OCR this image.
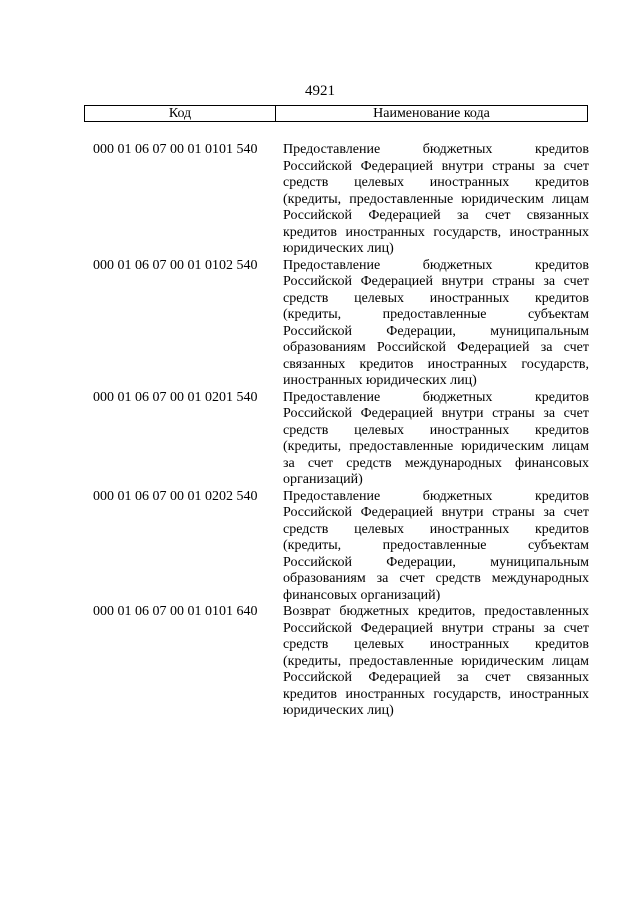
4921
Код	Наименование кода
000 01 06 07 00 01 0101 540	Предоставление бюджетных кредитов
Российской Федерацией внутри страны за счет
средств целевых иностранных кредитов
(кредиты, предоставленные юридическим лицам
Российской Федерацией за счет связанных
кредитов иностранных государств, иностранных
юридических лиц)
000 01 06 07 00 01 0102 540	Предоставление бюджетных кредитов
Российской Федерацией внутри страны за счет
средств целевых иностранных кредитов
(кредиты, предоставленные субъектам
Российской Федерации, муниципальным
образованиям Российской Федерацией за счет
связанных кредитов иностранных государств,
иностранных юридических лиц)
000 01 06 07 00 01 0201 540	Предоставление бюджетных кредитов
Российской Федерацией внутри страны за счет
средств целевых иностранных кредитов
(кредиты, предоставленные юридическим лицам
за счет средств международных финансовых
организаций)
000 01 06 07 00 01 0202 540	Предоставление бюджетных кредитов
Российской Федерацией внутри страны за счет
средств целевых иностранных кредитов
(кредиты, предоставленные субъектам
Российской Федерации, муниципальным
образованиям за счет средств международных
финансовых организаций)
000 01 06 07 00 01 0101 640	Возврат бюджетных кредитов, предоставленных
Российской Федерацией внутри страны за счет
средств целевых иностранных кредитов
(кредиты, предоставленные юридическим лицам
Российской Федерацией за счет связанных
кредитов иностранных государств, иностранных
юридических лиц)
